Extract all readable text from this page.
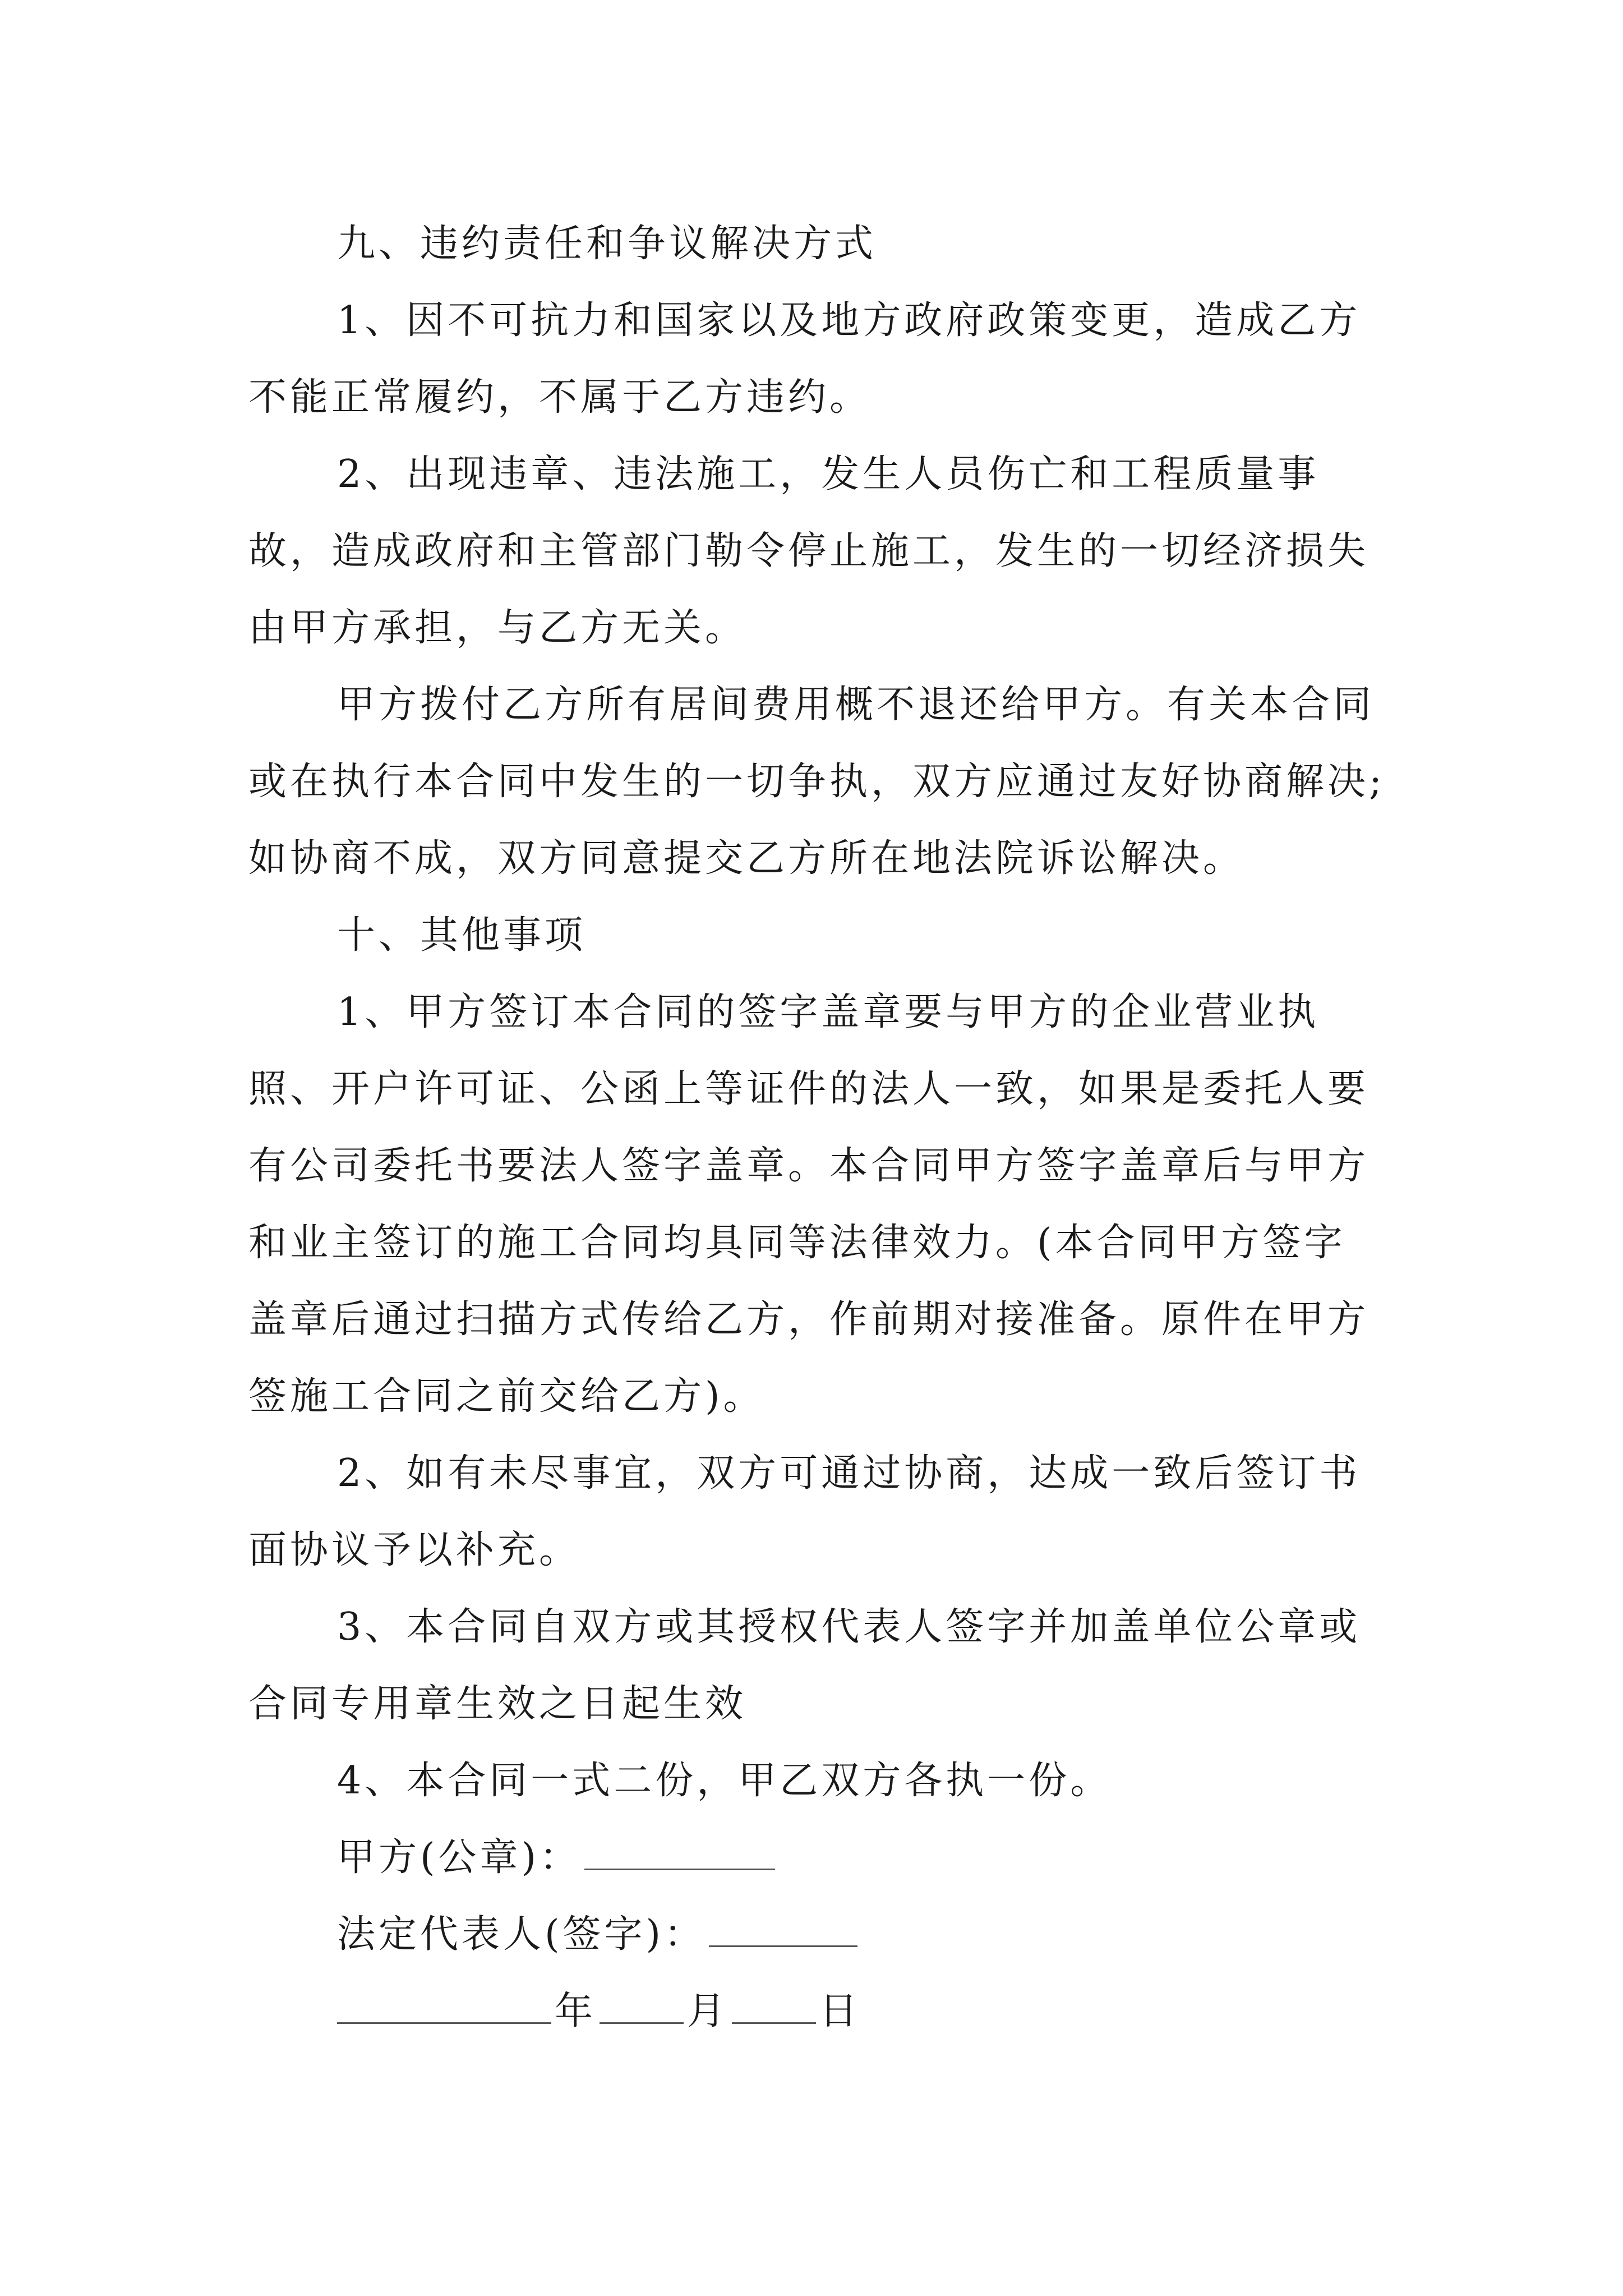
九、违约责任和争议解决方式

1、因不可抗力和国家以及地方政府政策变更，造成乙方不能正常履约，不属于乙方违约。

2、出现违章、违法施工，发生人员伤亡和工程质量事故，造成政府和主管部门勒令停止施工，发生的一切经济损失由甲方承担，与乙方无关。

甲方拨付乙方所有居间费用概不退还给甲方。有关本合同或在执行本合同中发生的一切争执，双方应通过友好协商解决;如协商不成，双方同意提交乙方所在地法院诉讼解决。

十、其他事项

1、甲方签订本合同的签字盖章要与甲方的企业营业执照、开户许可证、公函上等证件的法人一致，如果是委托人要有公司委托书要法人签字盖章。本合同甲方签字盖章后与甲方和业主签订的施工合同均具同等法律效力。(本合同甲方签字盖章后通过扫描方式传给乙方，作前期对接准备。原件在甲方签施工合同之前交给乙方)。

2、如有未尽事宜，双方可通过协商，达成一致后签订书面协议予以补充。

3、本合同自双方或其授权代表人签字并加盖单位公章或合同专用章生效之日起生效

4、本合同一式二份，甲乙双方各执一份。

甲方(公章)：

法定代表人(签字)：

年 月 日
